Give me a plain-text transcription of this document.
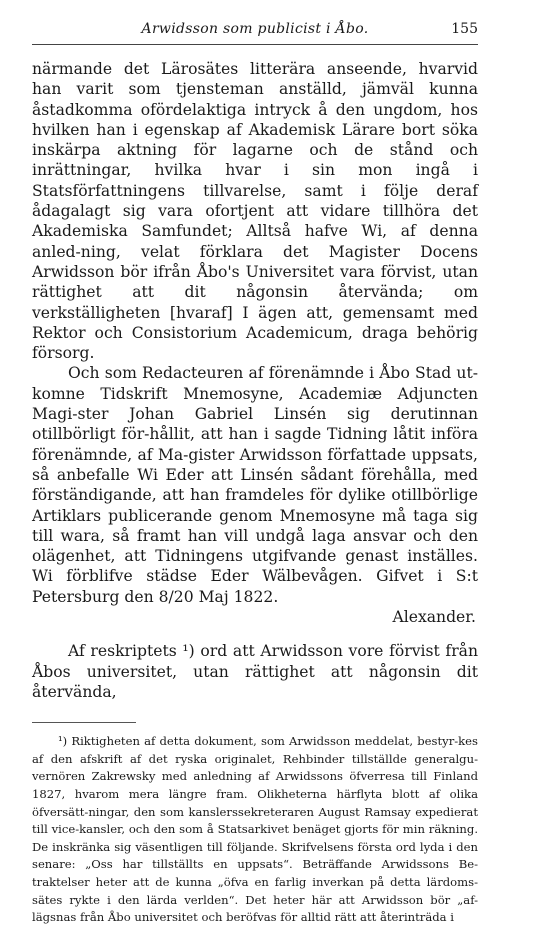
Arwidsson som publicist i Åbo.	155

närmande det Lärosätes litterära anseende, hvarvid han varit som tjensteman anställd, jämväl kunna åstadkomma ofördelaktiga intryck å den ungdom, hos hvilken han i egenskap af Akademisk Lärare bort söka inskärpa aktning för lagarne och de stånd och inrättningar, hvilka hvar i sin mon ingå i Statsförfattningens tillvarelse, samt i följe deraf ådagalagt sig vara ofortjent att vidare tillhöra det Akademiska Samfundet; Alltså hafve Wi, af denna anled-ning, velat förklara det Magister Docens Arwidsson bör ifrån Åbo's Universitet vara förvist, utan rättighet att dit någonsin återvända; om verkställigheten [hvaraf] I ägen att, gemensamt med Rektor och Consistorium Academicum, draga behörig försorg.

Och som Redacteuren af förenämnde i Åbo Stad ut-komne Tidskrift Mnemosyne, Academiæ Adjuncten Magi-ster Johan Gabriel Linsén sig derutinnan otillbörligt för-hållit, att han i sagde Tidning låtit införa förenämnde, af Ma-gister Arwidsson författade uppsats, så anbefalle Wi Eder att Linsén sådant förehålla, med förständigande, att han framdeles för dylike otillbörlige Artiklars publicerande genom Mnemosyne må taga sig till wara, så framt han vill undgå laga ansvar och den olägenhet, att Tidningens utgifvande genast inställes. Wi förblifve städse Eder Wälbevågen. Gifvet i S:t Petersburg den 8/20 Maj 1822.

Alexander.

Af reskriptets ¹) ord att Arwidsson vore förvist från Åbos universitet, utan rättighet att någonsin dit återvända,

¹) Riktigheten af detta dokument, som Arwidsson meddelat, bestyr-kes af den afskrift af det ryska originalet, Rehbinder tillställde generalgu-vernören Zakrewsky med anledning af Arwidssons öfverresa till Finland 1827, hvarom mera längre fram. Olikheterna härflyta blott af olika öfversätt-ningar, den som kanslerssekreteraren August Ramsay expedierat till vice-kansler, och den som å Statsarkivet benäget gjorts för min räkning. De inskränka sig väsentligen till följande. Skrifvelsens första ord lyda i den senare: „Oss har tillställts en uppsats“. Beträffande Arwidssons Be-traktelser heter att de kunna „öfva en farlig inverkan på detta lärdoms-sätes rykte i den lärda verlden“. Det heter här att Arwidsson bör „af-lägsnas från Åbo universitet och beröfvas för alltid rätt att återinträda i
